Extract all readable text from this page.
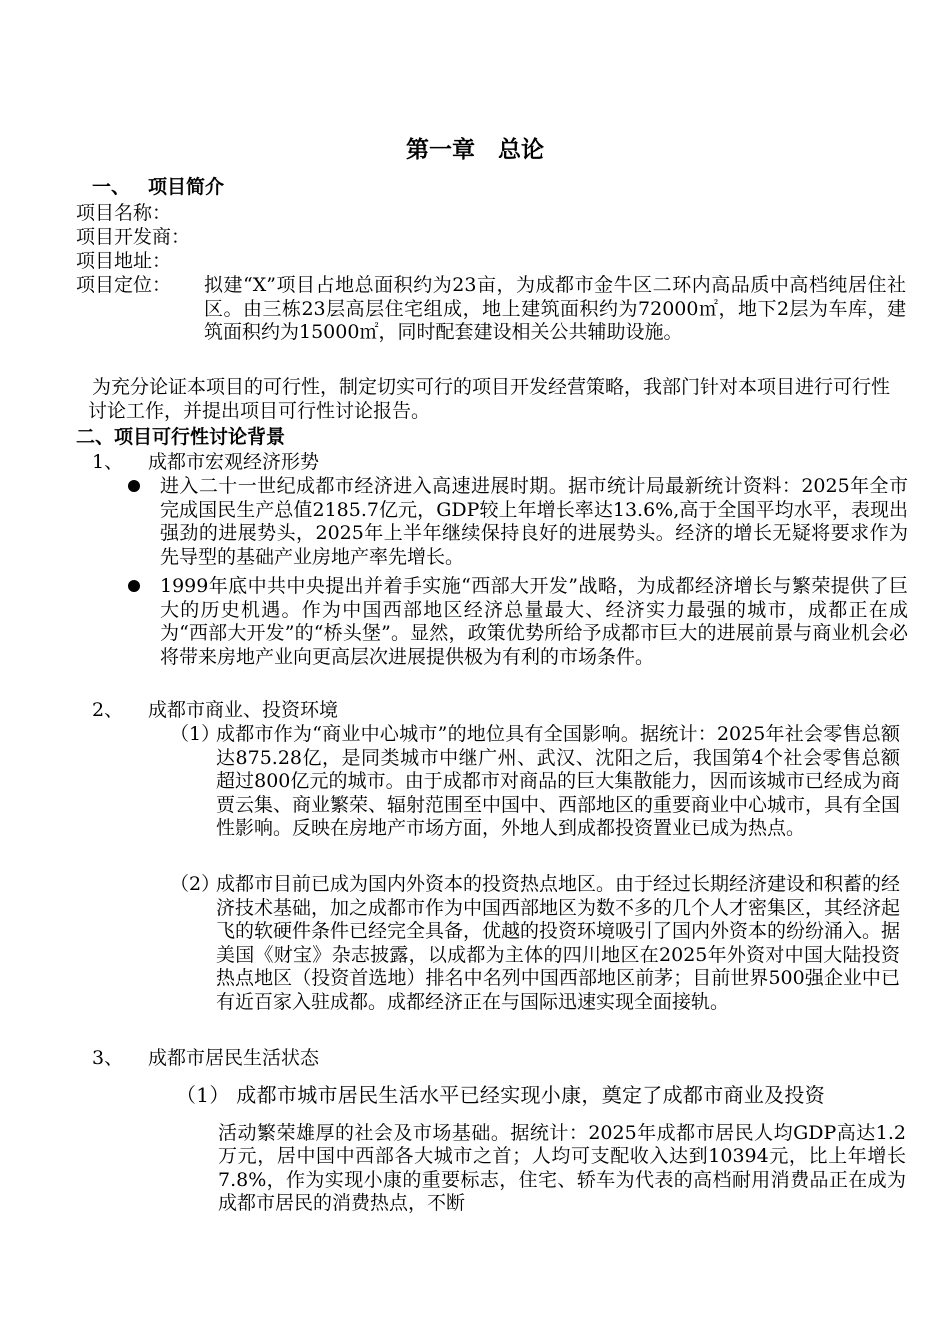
第一章　总论
一、 项目简介
项目名称：
项目开发商：
项目地址：
项目定位： 拟建“X”项目占地总面积约为23亩，为成都市金牛区二环内高品质中高档纯居住社区。由三栋23层高层住宅组成，地上建筑面积约为72000㎡，地下2层为车库，建筑面积约为15000㎡，同时配套建设相关公共辅助设施。
为充分论证本项目的可行性，制定切实可行的项目开发经营策略，我部门针对本项目进行可行性讨论工作，并提出项目可行性讨论报告。
二、项目可行性讨论背景
1、 成都市宏观经济形势
进入二十一世纪成都市经济进入高速进展时期。据市统计局最新统计资料：2025年全市完成国民生产总值2185.7亿元，GDP较上年增长率达13.6%,高于全国平均水平，表现出强劲的进展势头，2025年上半年继续保持良好的进展势头。经济的增长无疑将要求作为先导型的基础产业房地产率先增长。
1999年底中共中央提出并着手实施“西部大开发”战略，为成都经济增长与繁荣提供了巨大的历史机遇。作为中国西部地区经济总量最大、经济实力最强的城市，成都正在成为“西部大开发”的“桥头堡”。显然，政策优势所给予成都市巨大的进展前景与商业机会必将带来房地产业向更高层次进展提供极为有利的市场条件。
2、 成都市商业、投资环境
（1）
成都市作为“商业中心城市”的地位具有全国影响。据统计：2025年社会零售总额达875.28亿，是同类城市中继广州、武汉、沈阳之后，我国第4个社会零售总额超过800亿元的城市。由于成都市对商品的巨大集散能力，因而该城市已经成为商贾云集、商业繁荣、辐射范围至中国中、西部地区的重要商业中心城市，具有全国性影响。反映在房地产市场方面，外地人到成都投资置业已成为热点。
（2）
成都市目前已成为国内外资本的投资热点地区。由于经过长期经济建设和积蓄的经济技术基础，加之成都市作为中国西部地区为数不多的几个人才密集区，其经济起飞的软硬件条件已经完全具备，优越的投资环境吸引了国内外资本的纷纷涌入。据美国《财宝》杂志披露，以成都为主体的四川地区在2025年外资对中国大陆投资热点地区（投资首选地）排名中名列中国西部地区前茅；目前世界500强企业中已有近百家入驻成都。成都经济正在与国际迅速实现全面接轨。
3、 成都市居民生活状态
（1） 成都市城市居民生活水平已经实现小康，奠定了成都市商业及投资
活动繁荣雄厚的社会及市场基础。据统计：2025年成都市居民人均GDP高达1.2万元，居中国中西部各大城市之首；人均可支配收入达到10394元，比上年增长7.8%，作为实现小康的重要标志，住宅、轿车为代表的高档耐用消费品正在成为成都市居民的消费热点，不断
